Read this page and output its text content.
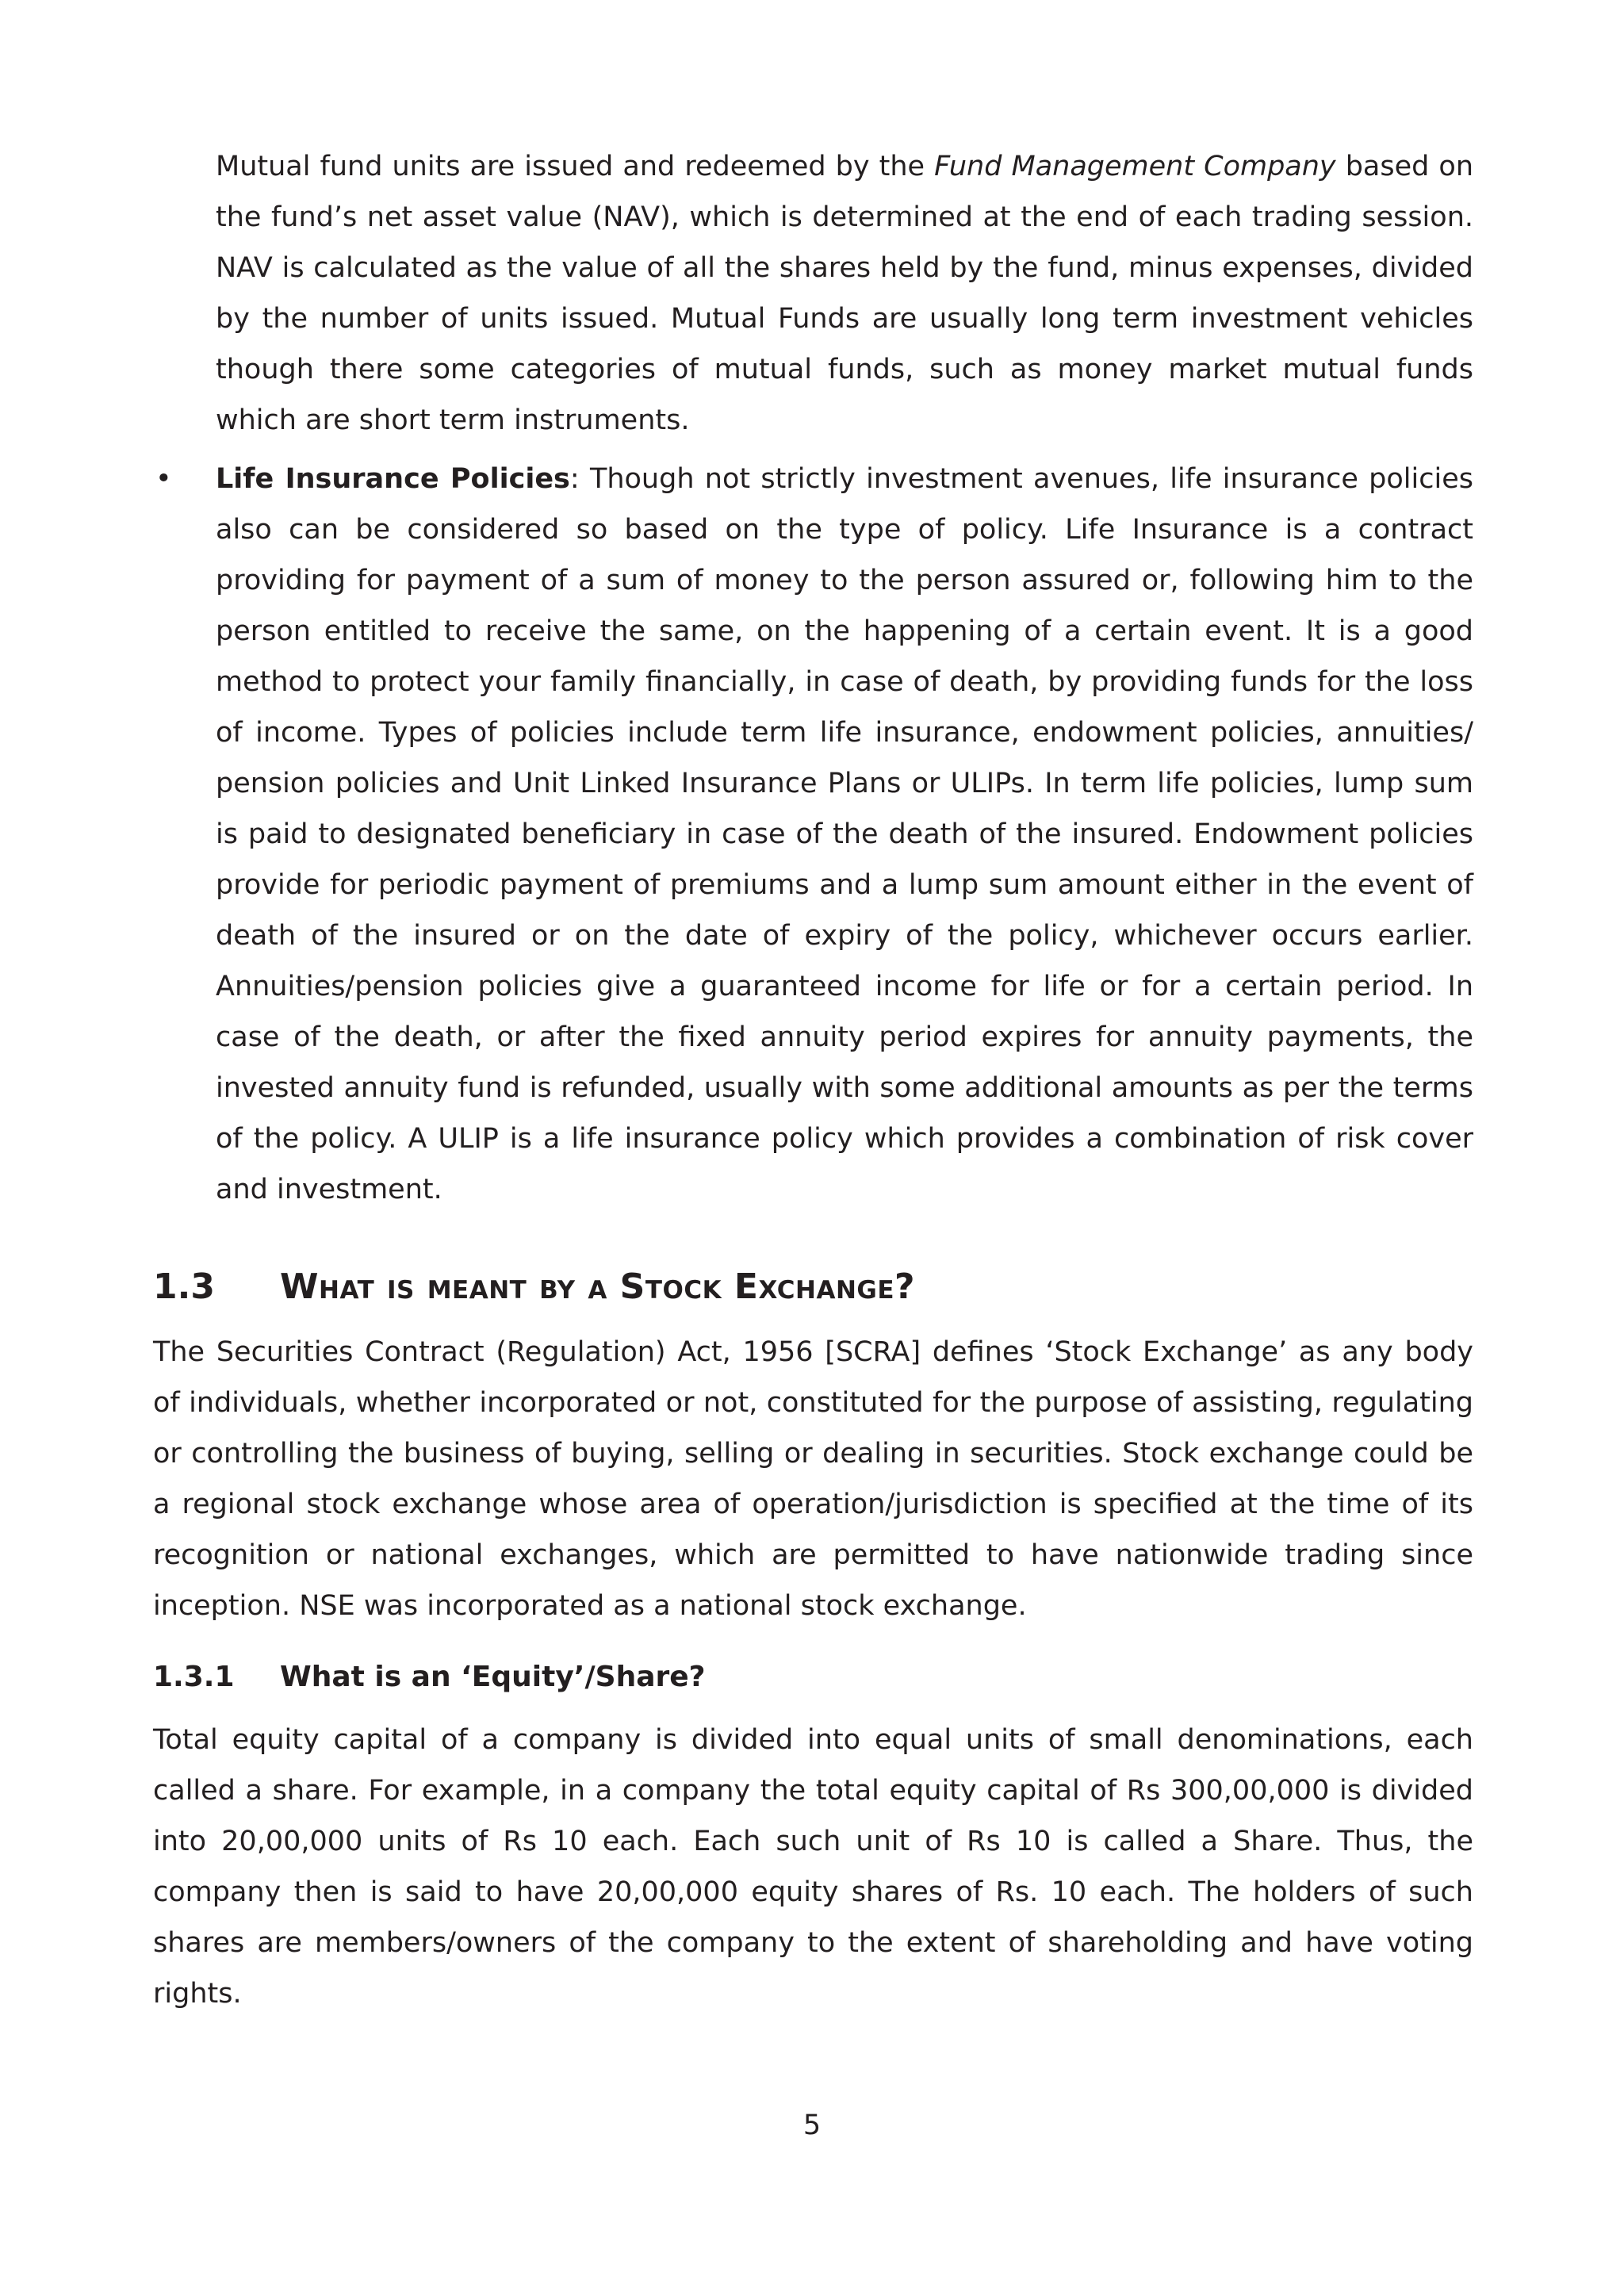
Mutual fund units are issued and redeemed by the Fund Management Company based on the fund’s net asset value (NAV), which is determined at the end of each trading session. NAV is calculated as the value of all the shares held by the fund, minus expenses, divided by the number of units issued. Mutual Funds are usually long term investment vehicles though there some categories of mutual funds, such as money market mutual funds which are short term instruments.

• Life Insurance Policies: Though not strictly investment avenues, life insurance policies also can be considered so based on the type of policy. Life Insurance is a contract providing for payment of a sum of money to the person assured or, following him to the person entitled to receive the same, on the happening of a certain event. It is a good method to protect your family financially, in case of death, by providing funds for the loss of income. Types of policies include term life insurance, endowment policies, annuities/ pension policies and Unit Linked Insurance Plans or ULIPs. In term life policies, lump sum is paid to designated beneficiary in case of the death of the insured. Endowment policies provide for periodic payment of premiums and a lump sum amount either in the event of death of the insured or on the date of expiry of the policy, whichever occurs earlier. Annuities/pension policies give a guaranteed income for life or for a certain period. In case of the death, or after the fixed annuity period expires for annuity payments, the invested annuity fund is refunded, usually with some additional amounts as per the terms of the policy. A ULIP is a life insurance policy which provides a combination of risk cover and investment.

1.3 What is meant by a Stock Exchange?

The Securities Contract (Regulation) Act, 1956 [SCRA] defines ‘Stock Exchange’ as any body of individuals, whether incorporated or not, constituted for the purpose of assisting, regulating or controlling the business of buying, selling or dealing in securities. Stock exchange could be a regional stock exchange whose area of operation/jurisdiction is specified at the time of its recognition or national exchanges, which are permitted to have nationwide trading since inception. NSE was incorporated as a national stock exchange.

1.3.1 What is an ‘Equity’/Share?

Total equity capital of a company is divided into equal units of small denominations, each called a share. For example, in a company the total equity capital of Rs 300,00,000 is divided into 20,00,000 units of Rs 10 each. Each such unit of Rs 10 is called a Share. Thus, the company then is said to have 20,00,000 equity shares of Rs. 10 each. The holders of such shares are members/owners of the company to the extent of shareholding and have voting rights.

5
